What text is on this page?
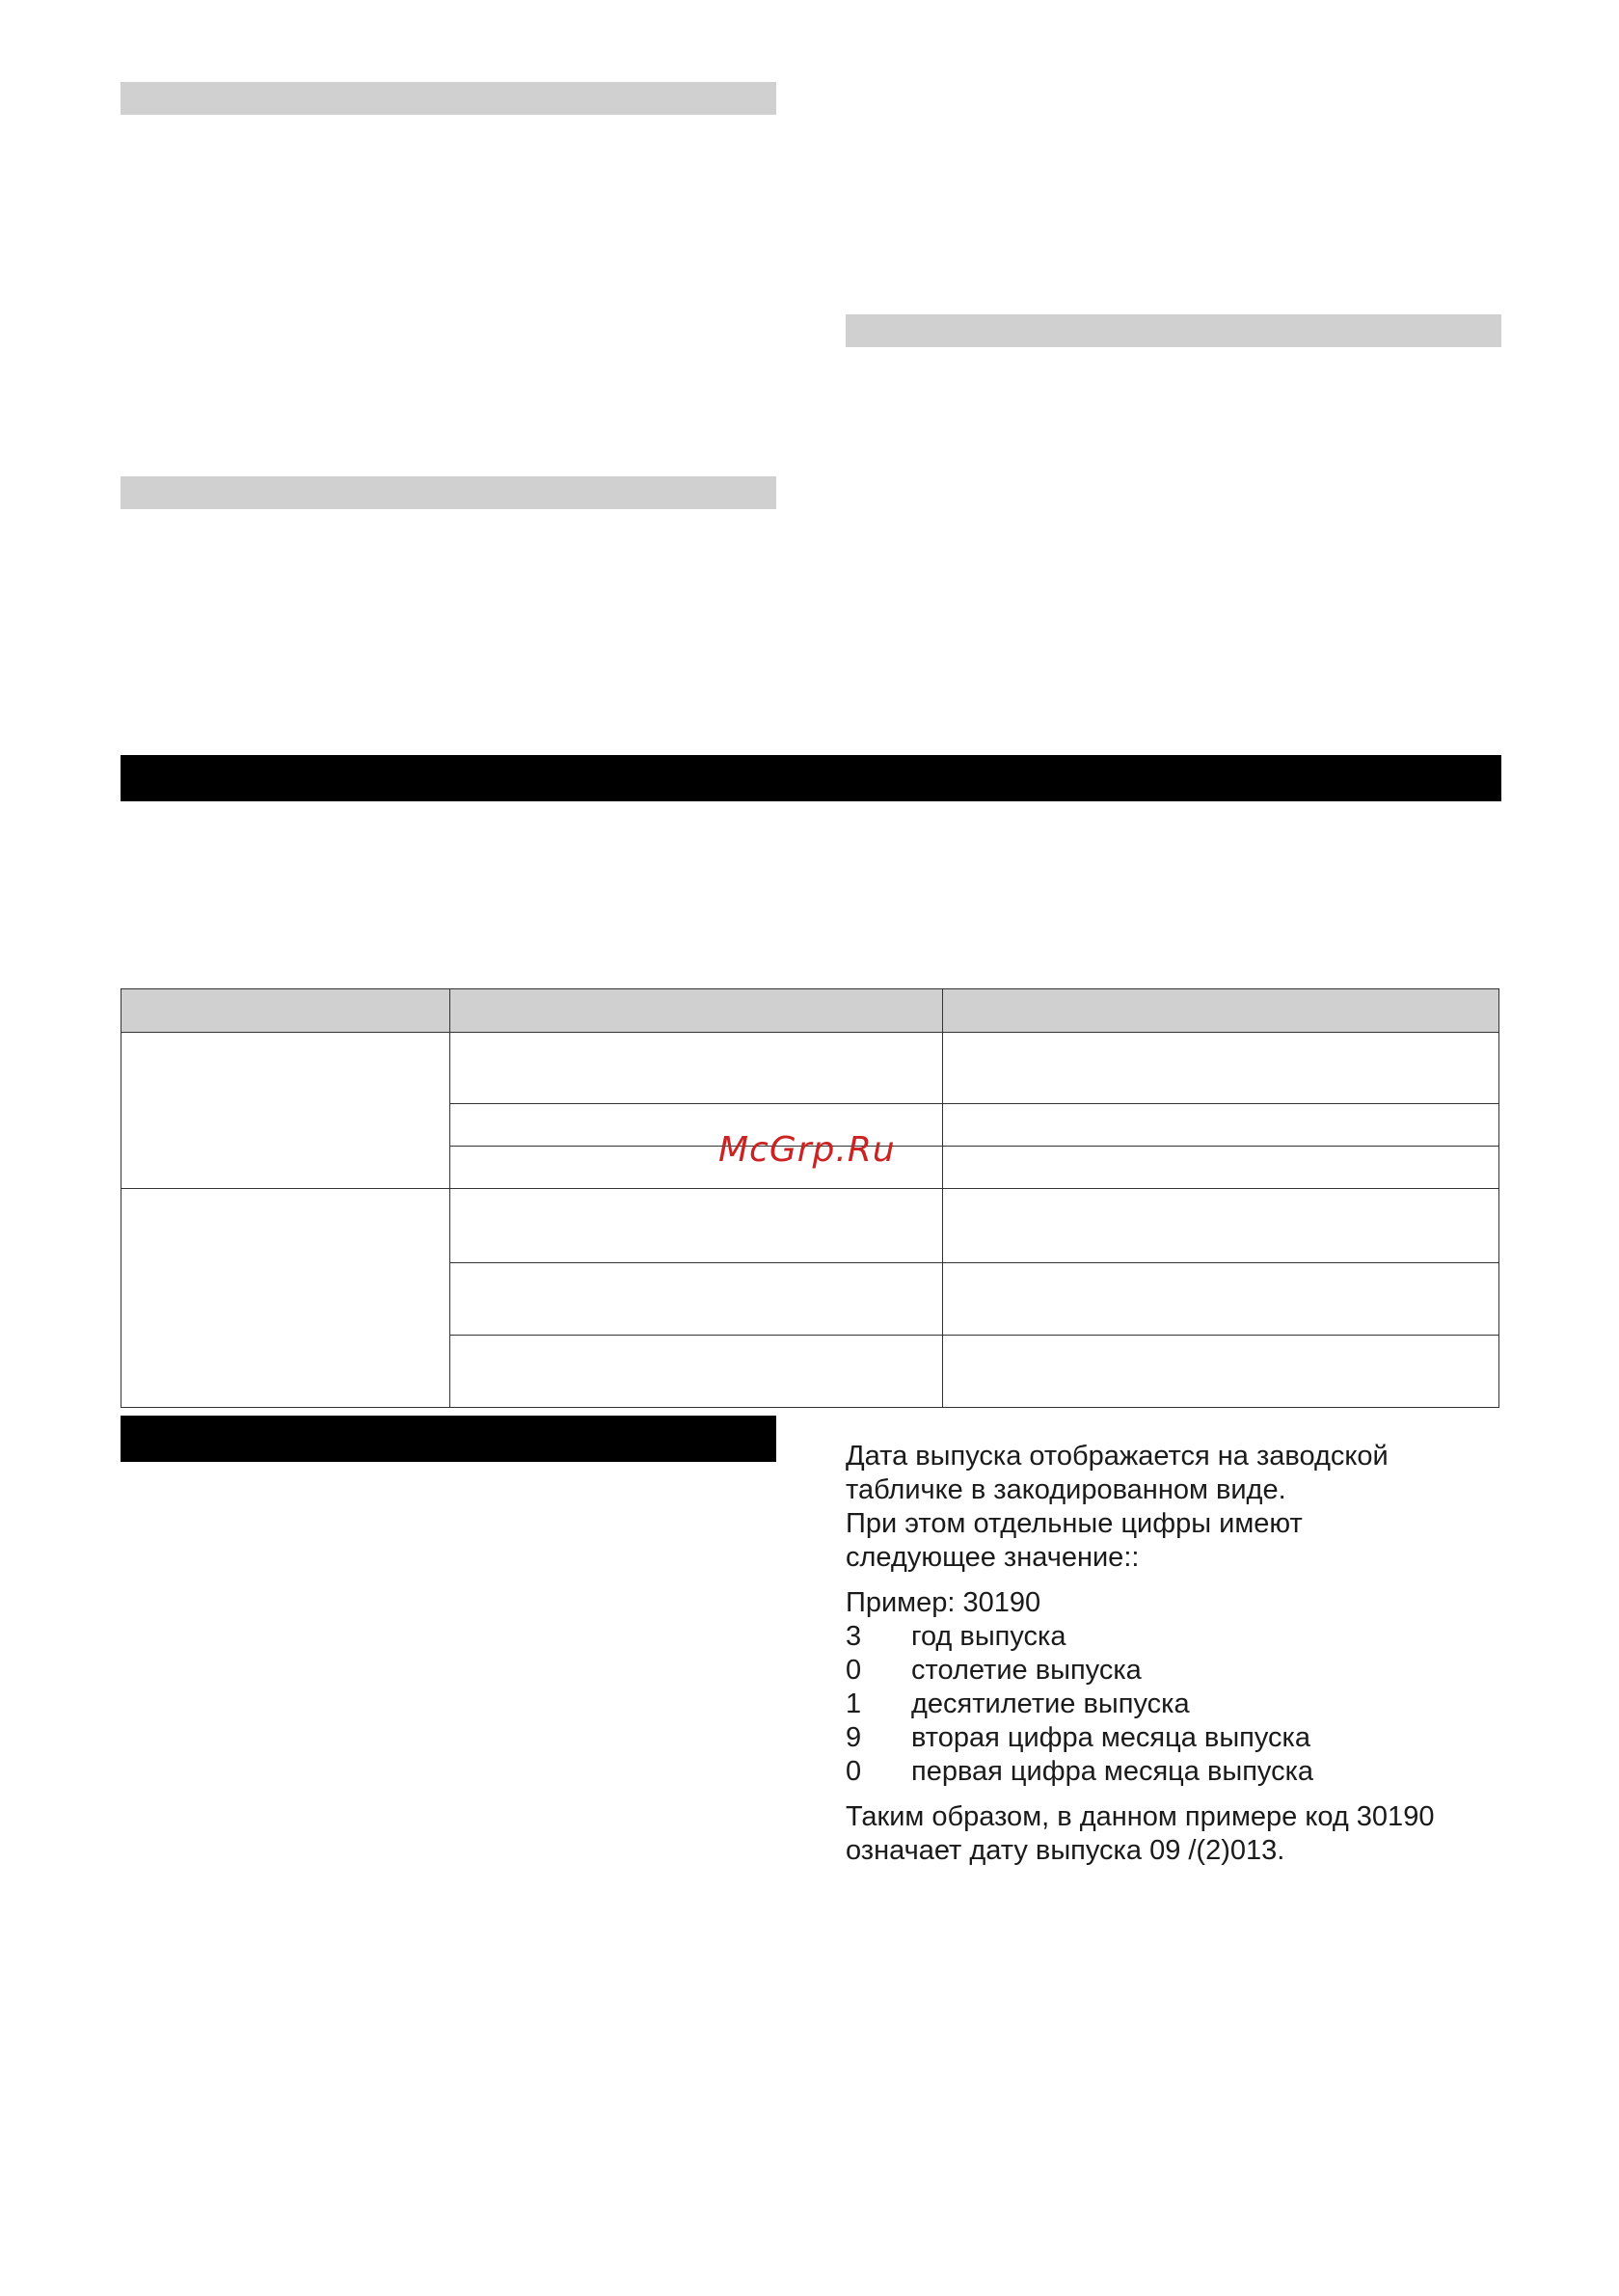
McGrp.Ru

Дата выпуска отображается на заводской

табличке в закодированном виде.

При этом отдельные цифры имеют

следующее значение::

Пример: 30190

3	год выпуска
0	столетие выпуска
1	десятилетие выпуска
9	вторая цифра месяца выпуска
0	первая цифра месяца выпуска

Таким образом, в данном примере код 30190

означает дату выпуска 09 /(2)013.
